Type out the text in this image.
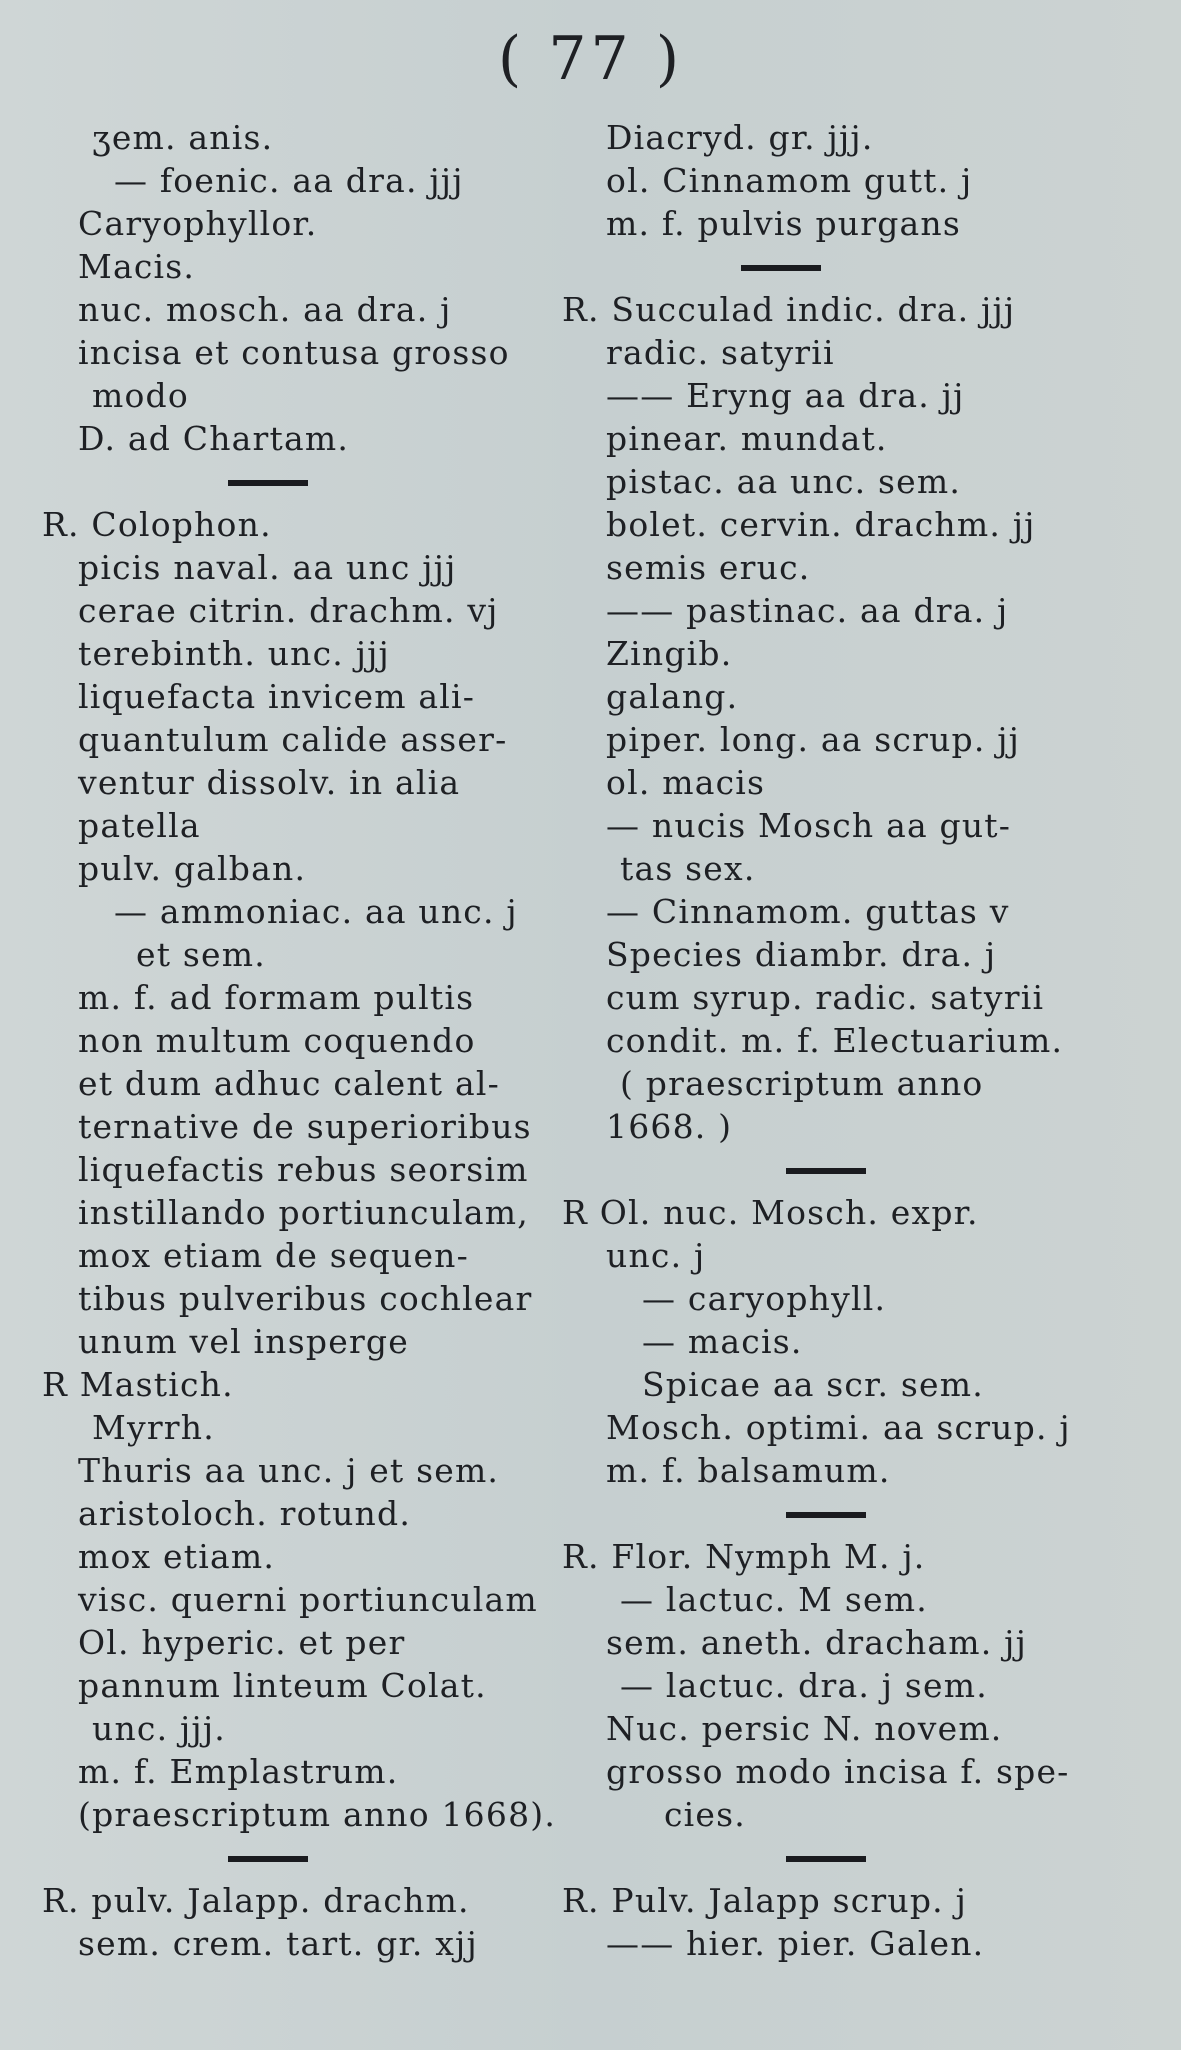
( 77 )
ʒem. anis.
— foenic. aa dra. jjj
Caryophyllor.
Macis.
nuc. mosch. aa dra. j
incisa et contusa grosso
modo
D. ad Chartam.
R. Colophon.
picis naval. aa unc jjj
cerae citrin. drachm. vj
terebinth. unc. jjj
liquefacta invicem ali-
quantulum calide asser-
ventur dissolv. in alia
patella
pulv. galban.
— ammoniac. aa unc. j
et sem.
m. f. ad formam pultis
non multum coquendo
et dum adhuc calent al-
ternative de superioribus
liquefactis rebus seorsim
instillando portiunculam,
mox etiam de sequen-
tibus pulveribus cochlear
unum vel insperge
R Mastich.
Myrrh.
Thuris aa unc. j et sem.
aristoloch. rotund.
mox etiam.
visc. querni portiunculam
Ol. hyperic. et per
pannum linteum Colat.
unc. jjj.
m. f. Emplastrum.
(praescriptum anno 1668).
R. pulv. Jalapp. drachm.
sem. crem. tart. gr. xjj
Diacryd. gr. jjj.
ol. Cinnamom gutt. j
m. f. pulvis purgans
R. Succulad indic. dra. jjj
radic. satyrii
—— Eryng aa dra. jj
pinear. mundat.
pistac. aa unc. sem.
bolet. cervin. drachm. jj
semis eruc.
—— pastinac. aa dra. j
Zingib.
galang.
piper. long. aa scrup. jj
ol. macis
— nucis Mosch aa gut-
tas sex.
— Cinnamom. guttas v
Species diambr. dra. j
cum syrup. radic. satyrii
condit. m. f. Electuarium.
( praescriptum anno
1668. )
R Ol. nuc. Mosch. expr.
unc. j
— caryophyll.
— macis.
Spicae aa scr. sem.
Mosch. optimi. aa scrup. j
m. f. balsamum.
R. Flor. Nymph M. j.
— lactuc. M sem.
sem. aneth. dracham. jj
— lactuc. dra. j sem.
Nuc. persic N. novem.
grosso modo incisa f. spe-
cies.
R. Pulv. Jalapp scrup. j
—— hier. pier. Galen.
